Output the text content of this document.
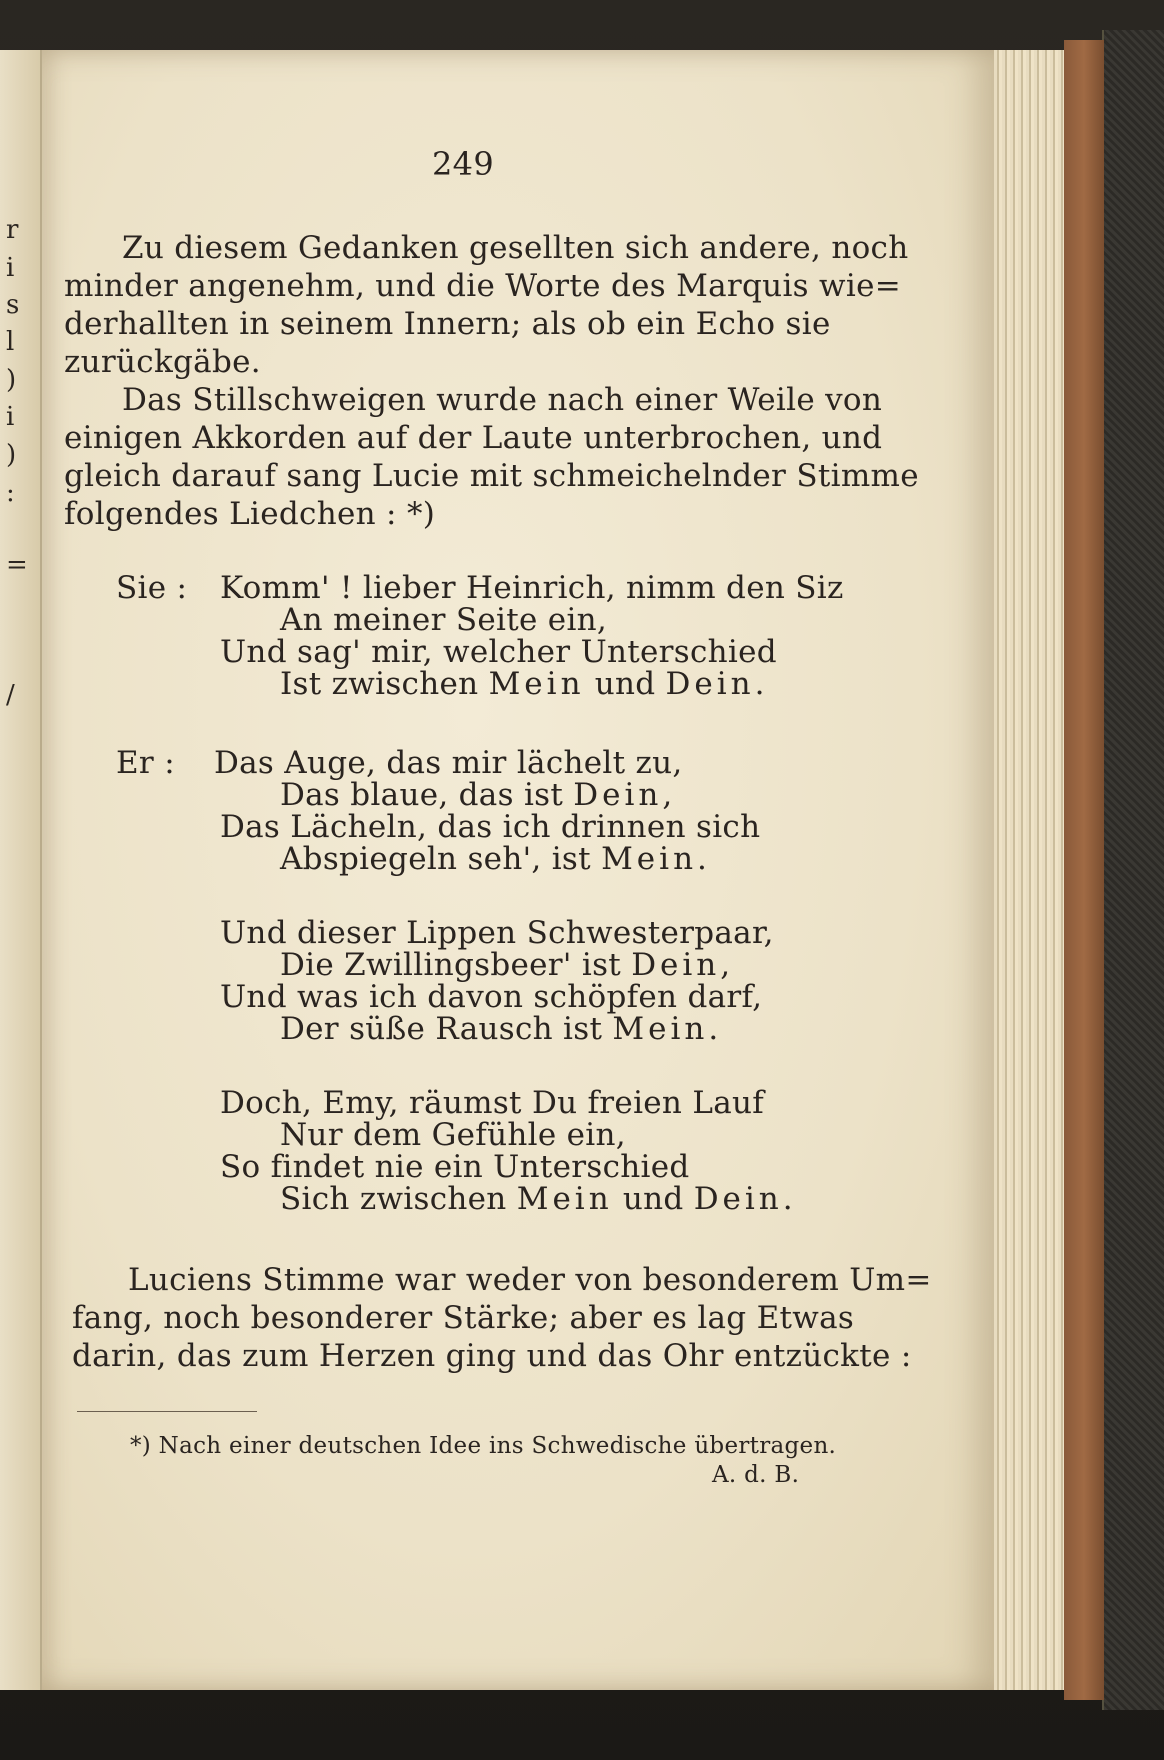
r
i
s
l
)
i
)
:
=
/
249
Zu diesem Gedanken gesellten sich andere, noch
minder angenehm, und die Worte des Marquis wie=
derhallten in seinem Innern; als ob ein Echo sie
zurückgäbe.
Das Stillschweigen wurde nach einer Weile von
einigen Akkorden auf der Laute unterbrochen, und
gleich darauf sang Lucie mit schmeichelnder Stimme
folgendes Liedchen : *)
Sie : Komm' ! lieber Heinrich, nimm den Siz
An meiner Seite ein,
Und sag' mir, welcher Unterschied
Ist zwischen Mein und Dein.
Er : Das Auge, das mir lächelt zu,
Das blaue, das ist Dein,
Das Lächeln, das ich drinnen sich
Abspiegeln seh', ist Mein.
Und dieser Lippen Schwesterpaar,
Die Zwillingsbeer' ist Dein,
Und was ich davon schöpfen darf,
Der süße Rausch ist Mein.
Doch, Emy, räumst Du freien Lauf
Nur dem Gefühle ein,
So findet nie ein Unterschied
Sich zwischen Mein und Dein.
Luciens Stimme war weder von besonderem Um=
fang, noch besonderer Stärke; aber es lag Etwas
darin, das zum Herzen ging und das Ohr entzückte :
*) Nach einer deutschen Idee ins Schwedische übertragen.
A. d. B.
